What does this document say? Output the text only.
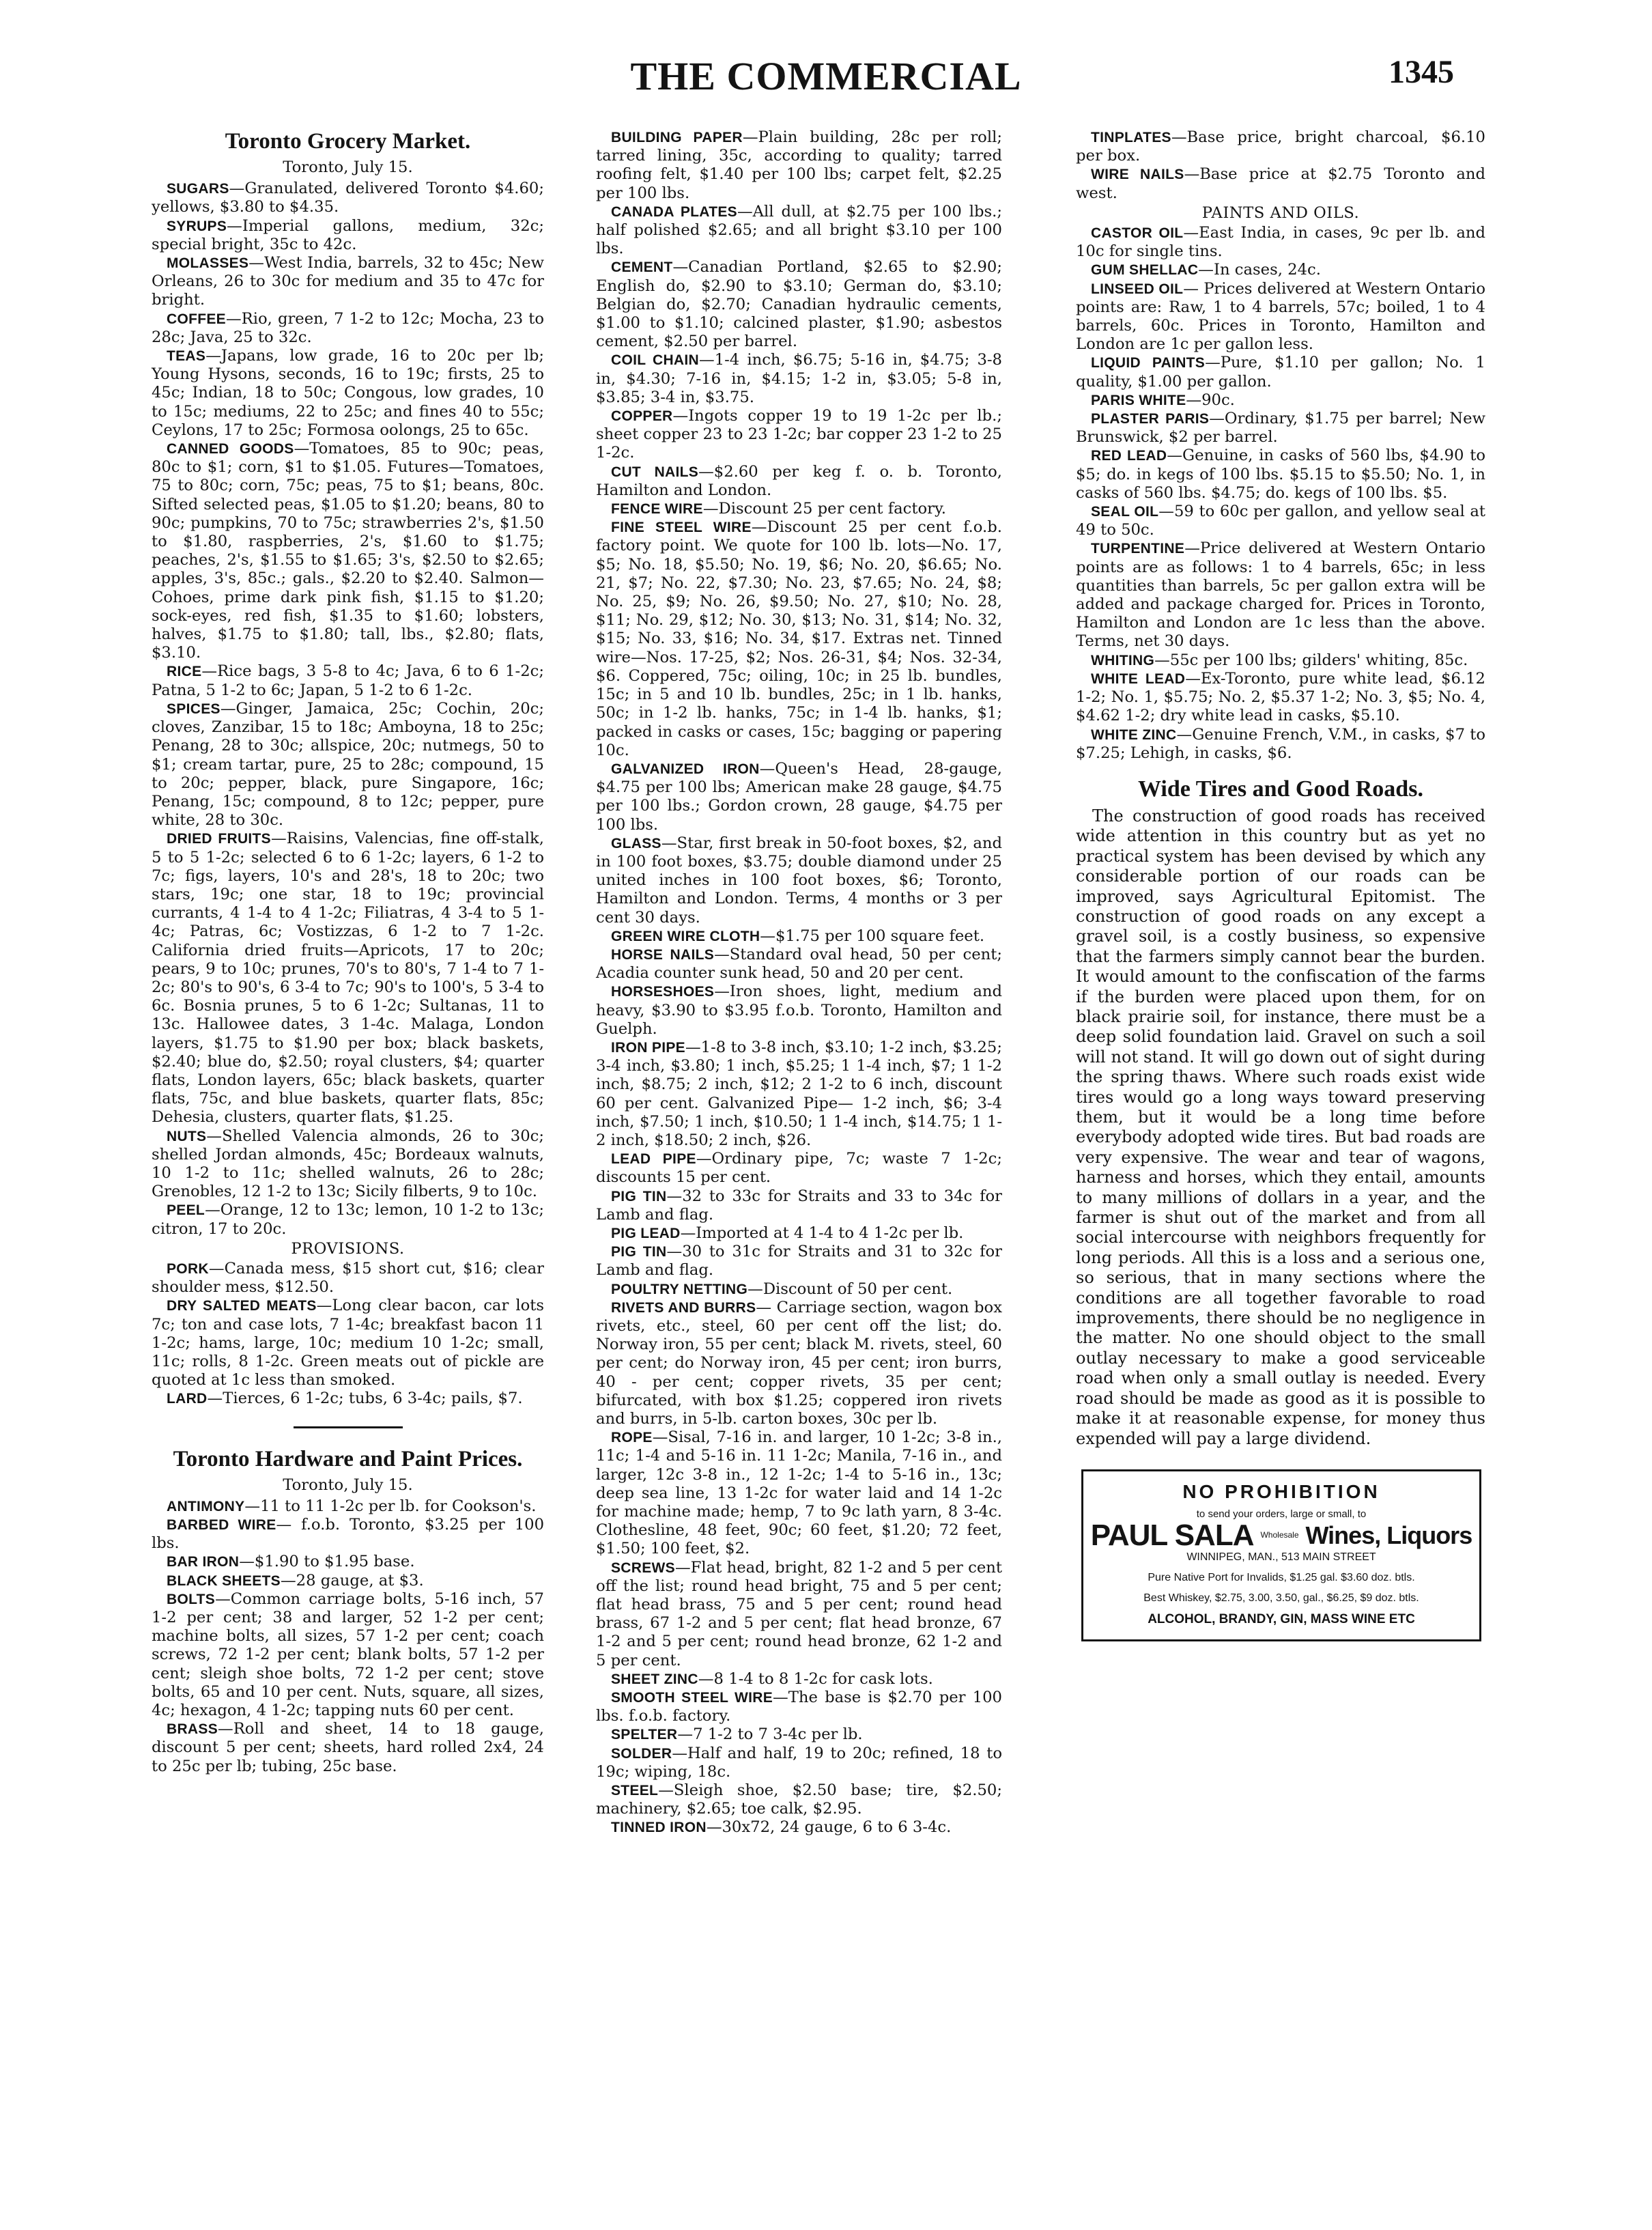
THE COMMERCIAL	1345
Toronto Grocery Market.
Toronto, July 15.

SUGARS—Granulated, delivered Toronto $4.60; yellows, $3.80 to $4.35.

SYRUPS—Imperial gallons, medium, 32c; special bright, 35c to 42c.

MOLASSES—West India, barrels, 32 to 45c; New Orleans, 26 to 30c for medium and 35 to 47c for bright.

COFFEE—Rio, green, 7 1-2 to 12c; Mocha, 23 to 28c; Java, 25 to 32c.

TEAS—Japans, low grade, 16 to 20c per lb; Young Hysons, seconds, 16 to 19c; firsts, 25 to 45c; Indian, 18 to 50c; Congous, low grades, 10 to 15c; mediums, 22 to 25c; and fines 40 to 55c; Ceylons, 17 to 25c; Formosa oolongs, 25 to 65c.

CANNED GOODS—Tomatoes, 85 to 90c; peas, 80c to $1; corn, $1 to $1.05. Futures—Tomatoes, 75 to 80c; corn, 75c; peas, 75 to $1; beans, 80c. Sifted selected peas, $1.05 to $1.20; beans, 80 to 90c; pumpkins, 70 to 75c; strawberries 2's, $1.50 to $1.80, raspberries, 2's, $1.60 to $1.75; peaches, 2's, $1.55 to $1.65; 3's, $2.50 to $2.65; apples, 3's, 85c.; gals., $2.20 to $2.40. Salmon—Cohoes, prime dark pink fish, $1.15 to $1.20; sock-eyes, red fish, $1.35 to $1.60; lobsters, halves, $1.75 to $1.80; tall, lbs., $2.80; flats, $3.10.

RICE—Rice bags, 3 5-8 to 4c; Java, 6 to 6 1-2c; Patna, 5 1-2 to 6c; Japan, 5 1-2 to 6 1-2c.

SPICES—Ginger, Jamaica, 25c; Cochin, 20c; cloves, Zanzibar, 15 to 18c; Amboyna, 18 to 25c; Penang, 28 to 30c; allspice, 20c; nutmegs, 50 to $1; cream tartar, pure, 25 to 28c; compound, 15 to 20c; pepper, black, pure Singapore, 16c; Penang, 15c; compound, 8 to 12c; pepper, pure white, 28 to 30c.

DRIED FRUITS—Raisins, Valencias, fine off-stalk, 5 to 5 1-2c; selected 6 to 6 1-2c; layers, 6 1-2 to 7c; figs, layers, 10's and 28's, 18 to 20c; two stars, 19c; one star, 18 to 19c; provincial currants, 4 1-4 to 4 1-2c; Filiatras, 4 3-4 to 5 1-4c; Patras, 6c; Vostizzas, 6 1-2 to 7 1-2c. California dried fruits—Apricots, 17 to 20c; pears, 9 to 10c; prunes, 70's to 80's, 7 1-4 to 7 1-2c; 80's to 90's, 6 3-4 to 7c; 90's to 100's, 5 3-4 to 6c. Bosnia prunes, 5 to 6 1-2c; Sultanas, 11 to 13c. Hallowee dates, 3 1-4c. Malaga, London layers, $1.75 to $1.90 per box; black baskets, $2.40; blue do, $2.50; royal clusters, $4; quarter flats, London layers, 65c; black baskets, quarter flats, 75c, and blue baskets, quarter flats, 85c; Dehesia, clusters, quarter flats, $1.25.

NUTS—Shelled Valencia almonds, 26 to 30c; shelled Jordan almonds, 45c; Bordeaux walnuts, 10 1-2 to 11c; shelled walnuts, 26 to 28c; Grenobles, 12 1-2 to 13c; Sicily filberts, 9 to 10c.

PEEL—Orange, 12 to 13c; lemon, 10 1-2 to 13c; citron, 17 to 20c.

PROVISIONS.

PORK—Canada mess, $15 short cut, $16; clear shoulder mess, $12.50.

DRY SALTED MEATS—Long clear bacon, car lots 7c; ton and case lots, 7 1-4c; breakfast bacon 11 1-2c; hams, large, 10c; medium 10 1-2c; small, 11c; rolls, 8 1-2c. Green meats out of pickle are quoted at 1c less than smoked.

LARD—Tierces, 6 1-2c; tubs, 6 3-4c; pails, $7.

Toronto Hardware and Paint Prices.
Toronto, July 15.

ANTIMONY—11 to 11 1-2c per lb. for Cookson's.

BARBED WIRE— f.o.b. Toronto, $3.25 per 100 lbs.

BAR IRON—$1.90 to $1.95 base.

BLACK SHEETS—28 gauge, at $3.

BOLTS—Common carriage bolts, 5-16 inch, 57 1-2 per cent; 38 and larger, 52 1-2 per cent; machine bolts, all sizes, 57 1-2 per cent; coach screws, 72 1-2 per cent; blank bolts, 57 1-2 per cent; sleigh shoe bolts, 72 1-2 per cent; stove bolts, 65 and 10 per cent. Nuts, square, all sizes, 4c; hexagon, 4 1-2c; tapping nuts 60 per cent.

BRASS—Roll and sheet, 14 to 18 gauge, discount 5 per cent; sheets, hard rolled 2x4, 24 to 25c per lb; tubing, 25c base.

BUILDING PAPER—Plain building, 28c per roll; tarred lining, 35c, according to quality; tarred roofing felt, $1.40 per 100 lbs; carpet felt, $2.25 per 100 lbs.

CANADA PLATES—All dull, at $2.75 per 100 lbs.; half polished $2.65; and all bright $3.10 per 100 lbs.

CEMENT—Canadian Portland, $2.65 to $2.90; English do, $2.90 to $3.10; German do, $3.10; Belgian do, $2.70; Canadian hydraulic cements, $1.00 to $1.10; calcined plaster, $1.90; asbestos cement, $2.50 per barrel.

COIL CHAIN—1-4 inch, $6.75; 5-16 in, $4.75; 3-8 in, $4.30; 7-16 in, $4.15; 1-2 in, $3.05; 5-8 in, $3.85; 3-4 in, $3.75.

COPPER—Ingots copper 19 to 19 1-2c per lb.; sheet copper 23 to 23 1-2c; bar copper 23 1-2 to 25 1-2c.

CUT NAILS—$2.60 per keg f. o. b. Toronto, Hamilton and London.

FENCE WIRE—Discount 25 per cent factory.

FINE STEEL WIRE—Discount 25 per cent f.o.b. factory point. We quote for 100 lb. lots—No. 17, $5; No. 18, $5.50; No. 19, $6; No. 20, $6.65; No. 21, $7; No. 22, $7.30; No. 23, $7.65; No. 24, $8; No. 25, $9; No. 26, $9.50; No. 27, $10; No. 28, $11; No. 29, $12; No. 30, $13; No. 31, $14; No. 32, $15; No. 33, $16; No. 34, $17. Extras net. Tinned wire—Nos. 17-25, $2; Nos. 26-31, $4; Nos. 32-34, $6. Coppered, 75c; oiling, 10c; in 25 lb. bundles, 15c; in 5 and 10 lb. bundles, 25c; in 1 lb. hanks, 50c; in 1-2 lb. hanks, 75c; in 1-4 lb. hanks, $1; packed in casks or cases, 15c; bagging or papering 10c.

GALVANIZED IRON—Queen's Head, 28-gauge, $4.75 per 100 lbs; American make 28 gauge, $4.75 per 100 lbs.; Gordon crown, 28 gauge, $4.75 per 100 lbs.

GLASS—Star, first break in 50-foot boxes, $2, and in 100 foot boxes, $3.75; double diamond under 25 united inches in 100 foot boxes, $6; Toronto, Hamilton and London. Terms, 4 months or 3 per cent 30 days.

GREEN WIRE CLOTH—$1.75 per 100 square feet.

HORSE NAILS—Standard oval head, 50 per cent; Acadia counter sunk head, 50 and 20 per cent.

HORSESHOES—Iron shoes, light, medium and heavy, $3.90 to $3.95 f.o.b. Toronto, Hamilton and Guelph.

IRON PIPE—1-8 to 3-8 inch, $3.10; 1-2 inch, $3.25; 3-4 inch, $3.80; 1 inch, $5.25; 1 1-4 inch, $7; 1 1-2 inch, $8.75; 2 inch, $12; 2 1-2 to 6 inch, discount 60 per cent. Galvanized Pipe— 1-2 inch, $6; 3-4 inch, $7.50; 1 inch, $10.50; 1 1-4 inch, $14.75; 1 1-2 inch, $18.50; 2 inch, $26.

LEAD PIPE—Ordinary pipe, 7c; waste 7 1-2c; discounts 15 per cent.

PIG TIN—32 to 33c for Straits and 33 to 34c for Lamb and flag.

PIG LEAD—Imported at 4 1-4 to 4 1-2c per lb.

PIG TIN—30 to 31c for Straits and 31 to 32c for Lamb and flag.

POULTRY NETTING—Discount of 50 per cent.

RIVETS AND BURRS— Carriage section, wagon box rivets, etc., steel, 60 per cent off the list; do. Norway iron, 55 per cent; black M. rivets, steel, 60 per cent; do Norway iron, 45 per cent; iron burrs, 40 - per cent; copper rivets, 35 per cent; bifurcated, with box $1.25; coppered iron rivets and burrs, in 5-lb. carton boxes, 30c per lb.

ROPE—Sisal, 7-16 in. and larger, 10 1-2c; 3-8 in., 11c; 1-4 and 5-16 in. 11 1-2c; Manila, 7-16 in., and larger, 12c 3-8 in., 12 1-2c; 1-4 to 5-16 in., 13c; deep sea line, 13 1-2c for water laid and 14 1-2c for machine made; hemp, 7 to 9c lath yarn, 8 3-4c. Clothesline, 48 feet, 90c; 60 feet, $1.20; 72 feet, $1.50; 100 feet, $2.

SCREWS—Flat head, bright, 82 1-2 and 5 per cent off the list; round head bright, 75 and 5 per cent; flat head brass, 75 and 5 per cent; round head brass, 67 1-2 and 5 per cent; flat head bronze, 67 1-2 and 5 per cent; round head bronze, 62 1-2 and 5 per cent.

SHEET ZINC—8 1-4 to 8 1-2c for cask lots.

SMOOTH STEEL WIRE—The base is $2.70 per 100 lbs. f.o.b. factory.

SPELTER—7 1-2 to 7 3-4c per lb.

SOLDER—Half and half, 19 to 20c; refined, 18 to 19c; wiping, 18c.

STEEL—Sleigh shoe, $2.50 base; tire, $2.50; machinery, $2.65; toe calk, $2.95.

TINNED IRON—30x72, 24 gauge, 6 to 6 3-4c.

TINPLATES—Base price, bright charcoal, $6.10 per box.

WIRE NAILS—Base price at $2.75 Toronto and west.

PAINTS AND OILS.

CASTOR OIL—East India, in cases, 9c per lb. and 10c for single tins.

GUM SHELLAC—In cases, 24c.

LINSEED OIL— Prices delivered at Western Ontario points are: Raw, 1 to 4 barrels, 57c; boiled, 1 to 4 barrels, 60c. Prices in Toronto, Hamilton and London are 1c per gallon less.

LIQUID PAINTS—Pure, $1.10 per gallon; No. 1 quality, $1.00 per gallon.

PARIS WHITE—90c.

PLASTER PARIS—Ordinary, $1.75 per barrel; New Brunswick, $2 per barrel.

RED LEAD—Genuine, in casks of 560 lbs, $4.90 to $5; do. in kegs of 100 lbs. $5.15 to $5.50; No. 1, in casks of 560 lbs. $4.75; do. kegs of 100 lbs. $5.

SEAL OIL—59 to 60c per gallon, and yellow seal at 49 to 50c.

TURPENTINE—Price delivered at Western Ontario points are as follows: 1 to 4 barrels, 65c; in less quantities than barrels, 5c per gallon extra will be added and package charged for. Prices in Toronto, Hamilton and London are 1c less than the above. Terms, net 30 days.

WHITING—55c per 100 lbs; gilders' whiting, 85c.

WHITE LEAD—Ex-Toronto, pure white lead, $6.12 1-2; No. 1, $5.75; No. 2, $5.37 1-2; No. 3, $5; No. 4, $4.62 1-2; dry white lead in casks, $5.10.

WHITE ZINC—Genuine French, V.M., in casks, $7 to $7.25; Lehigh, in casks, $6.

Wide Tires and Good Roads.

The construction of good roads has received wide attention in this country but as yet no practical system has been devised by which any considerable portion of our roads can be improved, says Agricultural Epitomist. The construction of good roads on any except a gravel soil, is a costly business, so expensive that the farmers simply cannot bear the burden. It would amount to the confiscation of the farms if the burden were placed upon them, for on black prairie soil, for instance, there must be a deep solid foundation laid. Gravel on such a soil will not stand. It will go down out of sight during the spring thaws. Where such roads exist wide tires would go a long ways toward preserving them, but it would be a long time before everybody adopted wide tires. But bad roads are very expensive. The wear and tear of wagons, harness and horses, which they entail, amounts to many millions of dollars in a year, and the farmer is shut out of the market and from all social intercourse with neighbors frequently for long periods. All this is a loss and a serious one, so serious, that in many sections where the conditions are all together favorable to road improvements, there should be no negligence in the matter. No one should object to the small outlay necessary to make a good serviceable road when only a small outlay is needed. Every road should be made as good as it is possible to make it at reasonable expense, for money thus expended will pay a large dividend.

NO PROHIBITION
to send your orders, large or small, to
PAUL SALA Wholesale Wines, Liquors
WINNIPEG, MAN., 513 MAIN STREET
Pure Native Port for Invalids, $1.25 gal. $3.60 doz. btls.
Best Whiskey, $2.75, 3.00, 3.50, gal., $6.25, $9 doz. btls.
ALCOHOL, BRANDY, GIN, MASS WINE ETC
